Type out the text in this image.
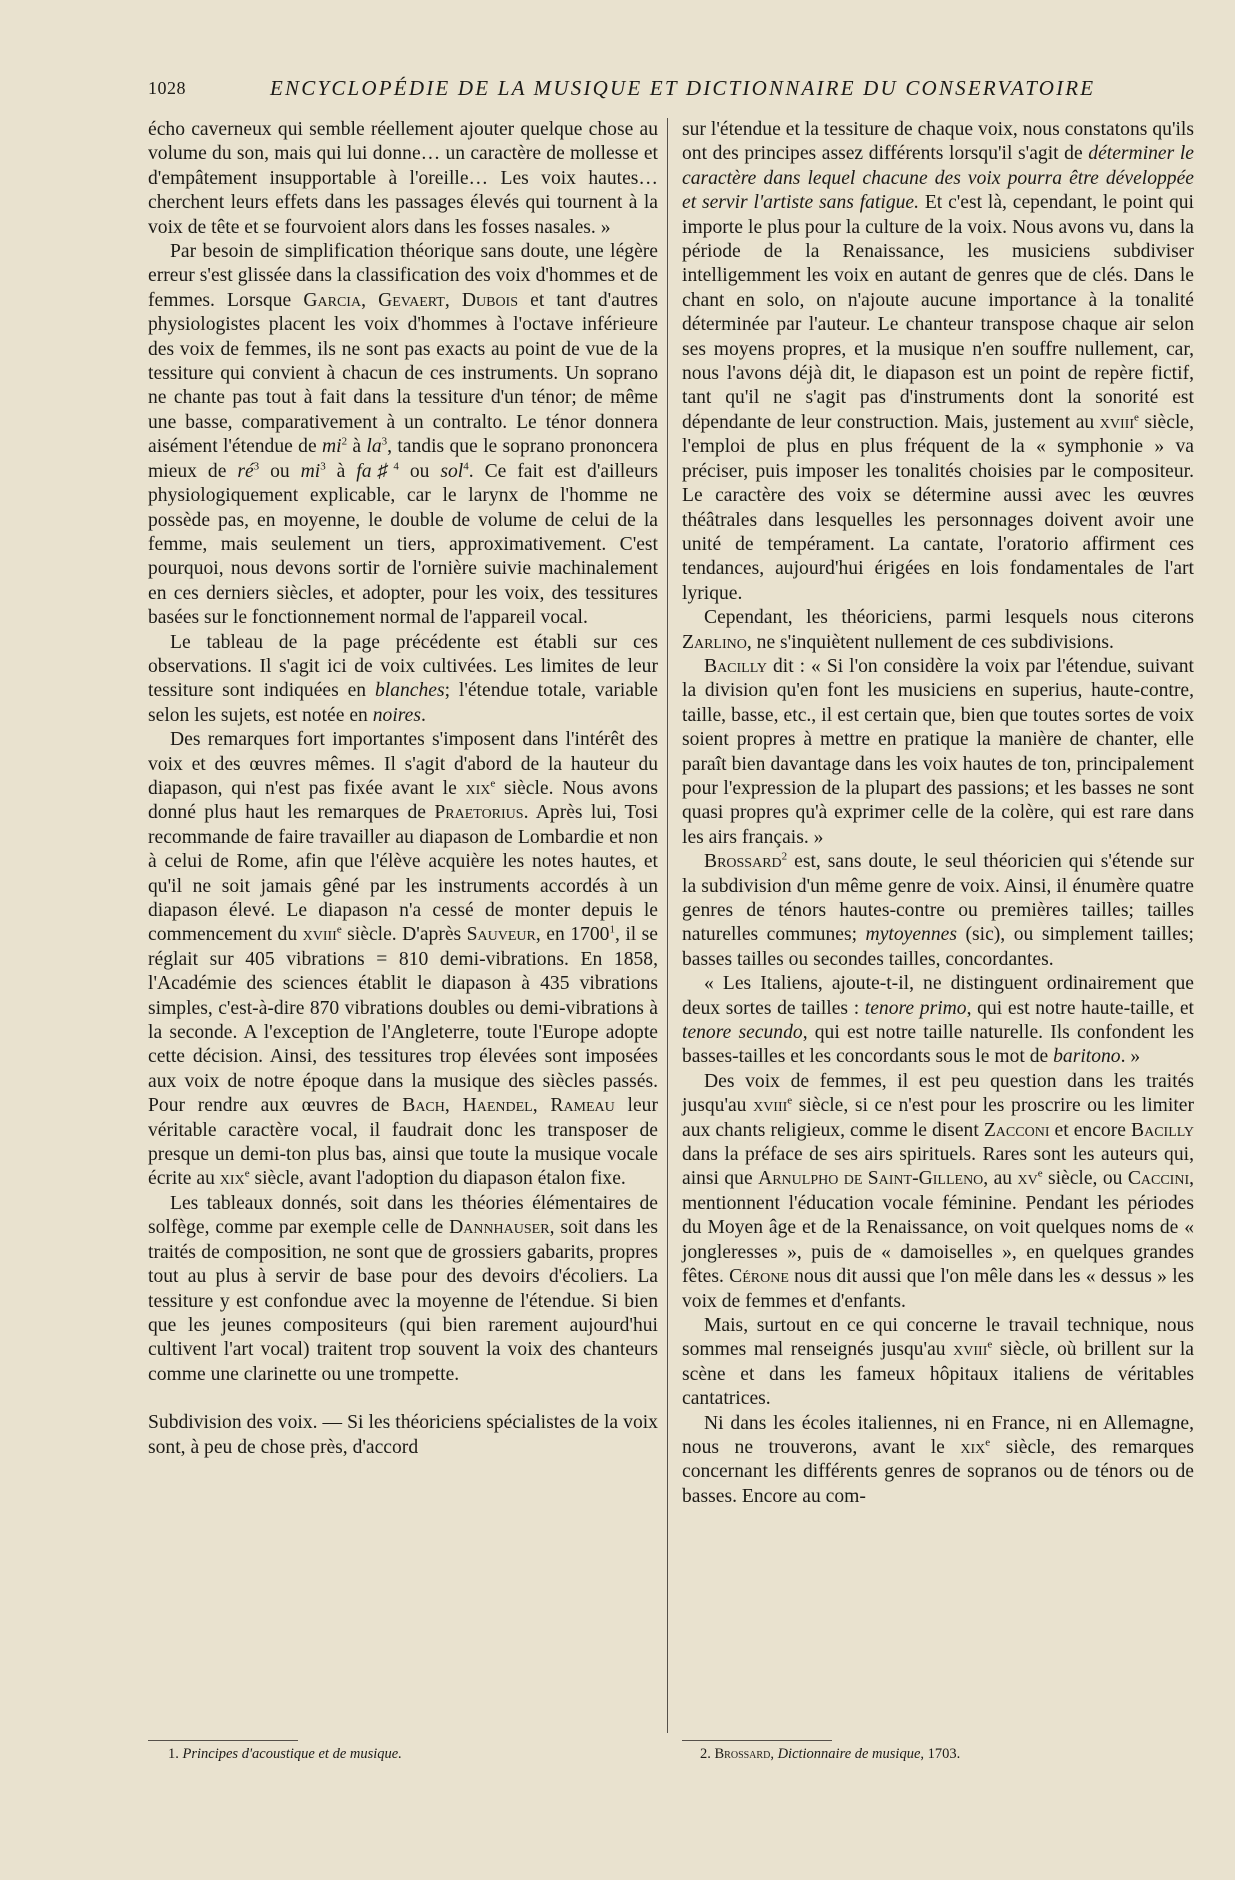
1028	ENCYCLOPÉDIE DE LA MUSIQUE ET DICTIONNAIRE DU CONSERVATOIRE

écho caverneux qui semble réellement ajouter quelque chose au volume du son, mais qui lui donne… un caractère de mollesse et d'empâtement insupportable à l'oreille… Les voix hautes… cherchent leurs effets dans les passages élevés qui tournent à la voix de tête et se fourvoient alors dans les fosses nasales. »

Par besoin de simplification théorique sans doute, une légère erreur s'est glissée dans la classification des voix d'hommes et de femmes. Lorsque Garcia, Gevaert, Dubois et tant d'autres physiologistes placent les voix d'hommes à l'octave inférieure des voix de femmes, ils ne sont pas exacts au point de vue de la tessiture qui convient à chacun de ces instruments. Un soprano ne chante pas tout à fait dans la tessiture d'un ténor; de même une basse, comparativement à un contralto. Le ténor donnera aisément l'étendue de $mi^2$ à $la^3$, tandis que le soprano prononcera mieux de $ré^3$ ou $mi^3$ à fa♯$^4$ ou sol$^4$. Ce fait est d'ailleurs physiologiquement explicable, car le larynx de l'homme ne possède pas, en moyenne, le double de volume de celui de la femme, mais seulement un tiers, approximativement. C'est pourquoi, nous devons sortir de l'ornière suivie machinalement en ces derniers siècles, et adopter, pour les voix, des tessitures basées sur le fonctionnement normal de l'appareil vocal.

Le tableau de la page précédente est établi sur ces observations. Il s'agit ici de voix cultivées. Les limites de leur tessiture sont indiquées en blanches; l'étendue totale, variable selon les sujets, est notée en noires.

Des remarques fort importantes s'imposent dans l'intérêt des voix et des œuvres mêmes. Il s'agit d'abord de la hauteur du diapason, qui n'est pas fixée avant le xix$^e$ siècle. Nous avons donné plus haut les remarques de Praetorius. Après lui, Tosi recommande de faire travailler au diapason de Lombardie et non à celui de Rome, afin que l'élève acquière les notes hautes, et qu'il ne soit jamais gêné par les instruments accordés à un diapason élevé. Le diapason n'a cessé de monter depuis le commencement du xviii$^e$ siècle. D'après Sauveur, en 1700$^1$, il se réglait sur 405 vibrations = 810 demi-vibrations. En 1858, l'Académie des sciences établit le diapason à 435 vibrations simples, c'est-à-dire 870 vibrations doubles ou demi-vibrations à la seconde. A l'exception de l'Angleterre, toute l'Europe adopte cette décision. Ainsi, des tessitures trop élevées sont imposées aux voix de notre époque dans la musique des siècles passés. Pour rendre aux œuvres de Bach, Haendel, Rameau leur véritable caractère vocal, il faudrait donc les transposer de presque un demi-ton plus bas, ainsi que toute la musique vocale écrite au xix$^e$ siècle, avant l'adoption du diapason étalon fixe.

Les tableaux donnés, soit dans les théories élémentaires de solfège, comme par exemple celle de Dannhauser, soit dans les traités de composition, ne sont que de grossiers gabarits, propres tout au plus à servir de base pour des devoirs d'écoliers. La tessiture y est confondue avec la moyenne de l'étendue. Si bien que les jeunes compositeurs (qui bien rarement aujourd'hui cultivent l'art vocal) traitent trop souvent la voix des chanteurs comme une clarinette ou une trompette.

Subdivision des voix. — Si les théoriciens spécialistes de la voix sont, à peu de chose près, d'accord

sur l'étendue et la tessiture de chaque voix, nous constatons qu'ils ont des principes assez différents lorsqu'il s'agit de déterminer le caractère dans lequel chacune des voix pourra être développée et servir l'artiste sans fatigue. Et c'est là, cependant, le point qui importe le plus pour la culture de la voix. Nous avons vu, dans la période de la Renaissance, les musiciens subdiviser intelligemment les voix en autant de genres que de clés. Dans le chant en solo, on n'ajoute aucune importance à la tonalité déterminée par l'auteur. Le chanteur transpose chaque air selon ses moyens propres, et la musique n'en souffre nullement, car, nous l'avons déjà dit, le diapason est un point de repère fictif, tant qu'il ne s'agit pas d'instruments dont la sonorité est dépendante de leur construction. Mais, justement au xviii$^e$ siècle, l'emploi de plus en plus fréquent de la « symphonie » va préciser, puis imposer les tonalités choisies par le compositeur. Le caractère des voix se détermine aussi avec les œuvres théâtrales dans lesquelles les personnages doivent avoir une unité de tempérament. La cantate, l'oratorio affirment ces tendances, aujourd'hui érigées en lois fondamentales de l'art lyrique.

Cependant, les théoriciens, parmi lesquels nous citerons Zarlino, ne s'inquiètent nullement de ces subdivisions.

Bacilly dit : « Si l'on considère la voix par l'étendue, suivant la division qu'en font les musiciens en superius, haute-contre, taille, basse, etc., il est certain que, bien que toutes sortes de voix soient propres à mettre en pratique la manière de chanter, elle paraît bien davantage dans les voix hautes de ton, principalement pour l'expression de la plupart des passions; et les basses ne sont quasi propres qu'à exprimer celle de la colère, qui est rare dans les airs français. »

Brossard$^2$ est, sans doute, le seul théoricien qui s'étende sur la subdivision d'un même genre de voix. Ainsi, il énumère quatre genres de ténors hautes-contre ou premières tailles; tailles naturelles communes; mytoyennes (sic), ou simplement tailles; basses tailles ou secondes tailles, concordantes.

« Les Italiens, ajoute-t-il, ne distinguent ordinairement que deux sortes de tailles : tenore primo, qui est notre haute-taille, et tenore secundo, qui est notre taille naturelle. Ils confondent les basses-tailles et les concordants sous le mot de baritono. »

Des voix de femmes, il est peu question dans les traités jusqu'au xviii$^e$ siècle, si ce n'est pour les proscrire ou les limiter aux chants religieux, comme le disent Zacconi et encore Bacilly dans la préface de ses airs spirituels. Rares sont les auteurs qui, ainsi que Arnulpho de Saint-Gilleno, au $xv^e$ siècle, ou Caccini, mentionnent l'éducation vocale féminine. Pendant les périodes du Moyen âge et de la Renaissance, on voit quelques noms de « jongleresses », puis de « damoiselles », en quelques grandes fêtes. Cérone nous dit aussi que l'on mêle dans les « dessus » les voix de femmes et d'enfants.

Mais, surtout en ce qui concerne le travail technique, nous sommes mal renseignés jusqu'au xviii$^e$ siècle, où brillent sur la scène et dans les fameux hôpitaux italiens de véritables cantatrices.

Ni dans les écoles italiennes, ni en France, ni en Allemagne, nous ne trouverons, avant le xix$^e$ siècle, des remarques concernant les différents genres de sopranos ou de ténors ou de basses. Encore au com-

1. Principes d'acoustique et de musique.	2. Brossard, Dictionnaire de musique, 1703.
